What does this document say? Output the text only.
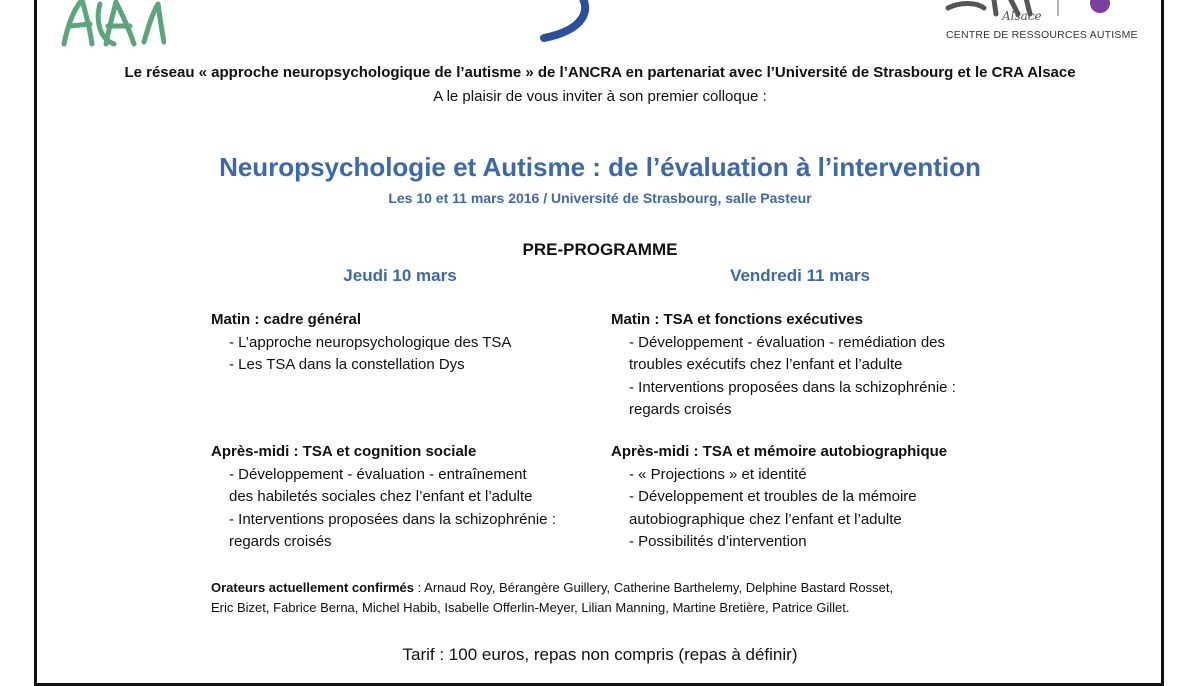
Alsace
CENTRE DE RESSOURCES AUTISME
Le réseau « approche neuropsychologique de l’autisme » de l’ANCRA en partenariat avec l’Université de Strasbourg et le CRA Alsace
A le plaisir de vous inviter à son premier colloque :
Neuropsychologie et Autisme : de l’évaluation à l’intervention
Les 10 et 11 mars 2016 / Université de Strasbourg, salle Pasteur
PRE-PROGRAMME
Jeudi 10 mars	Vendredi 11 mars
Matin : cadre général
- L’approche neuropsychologique des TSA
- Les TSA dans la constellation Dys
Matin : TSA et fonctions exécutives
- Développement - évaluation - remédiation des
troubles exécutifs chez l’enfant et l’adulte
- Interventions proposées dans la schizophrénie :
regards croisés
Après-midi : TSA et cognition sociale
- Développement - évaluation - entraînement
des habiletés sociales chez l’enfant et l’adulte
- Interventions proposées dans la schizophrénie :
regards croisés
Après-midi : TSA et mémoire autobiographique
- « Projections » et identité
- Développement et troubles de la mémoire
autobiographique chez l’enfant et l’adulte
- Possibilités d’intervention
Orateurs actuellement confirmés : Arnaud Roy, Bérangère Guillery, Catherine Barthelemy, Delphine Bastard Rosset,
Eric Bizet, Fabrice Berna, Michel Habib, Isabelle Offerlin-Meyer, Lilian Manning, Martine Bretière, Patrice Gillet.
Tarif : 100 euros, repas non compris (repas à définir)
